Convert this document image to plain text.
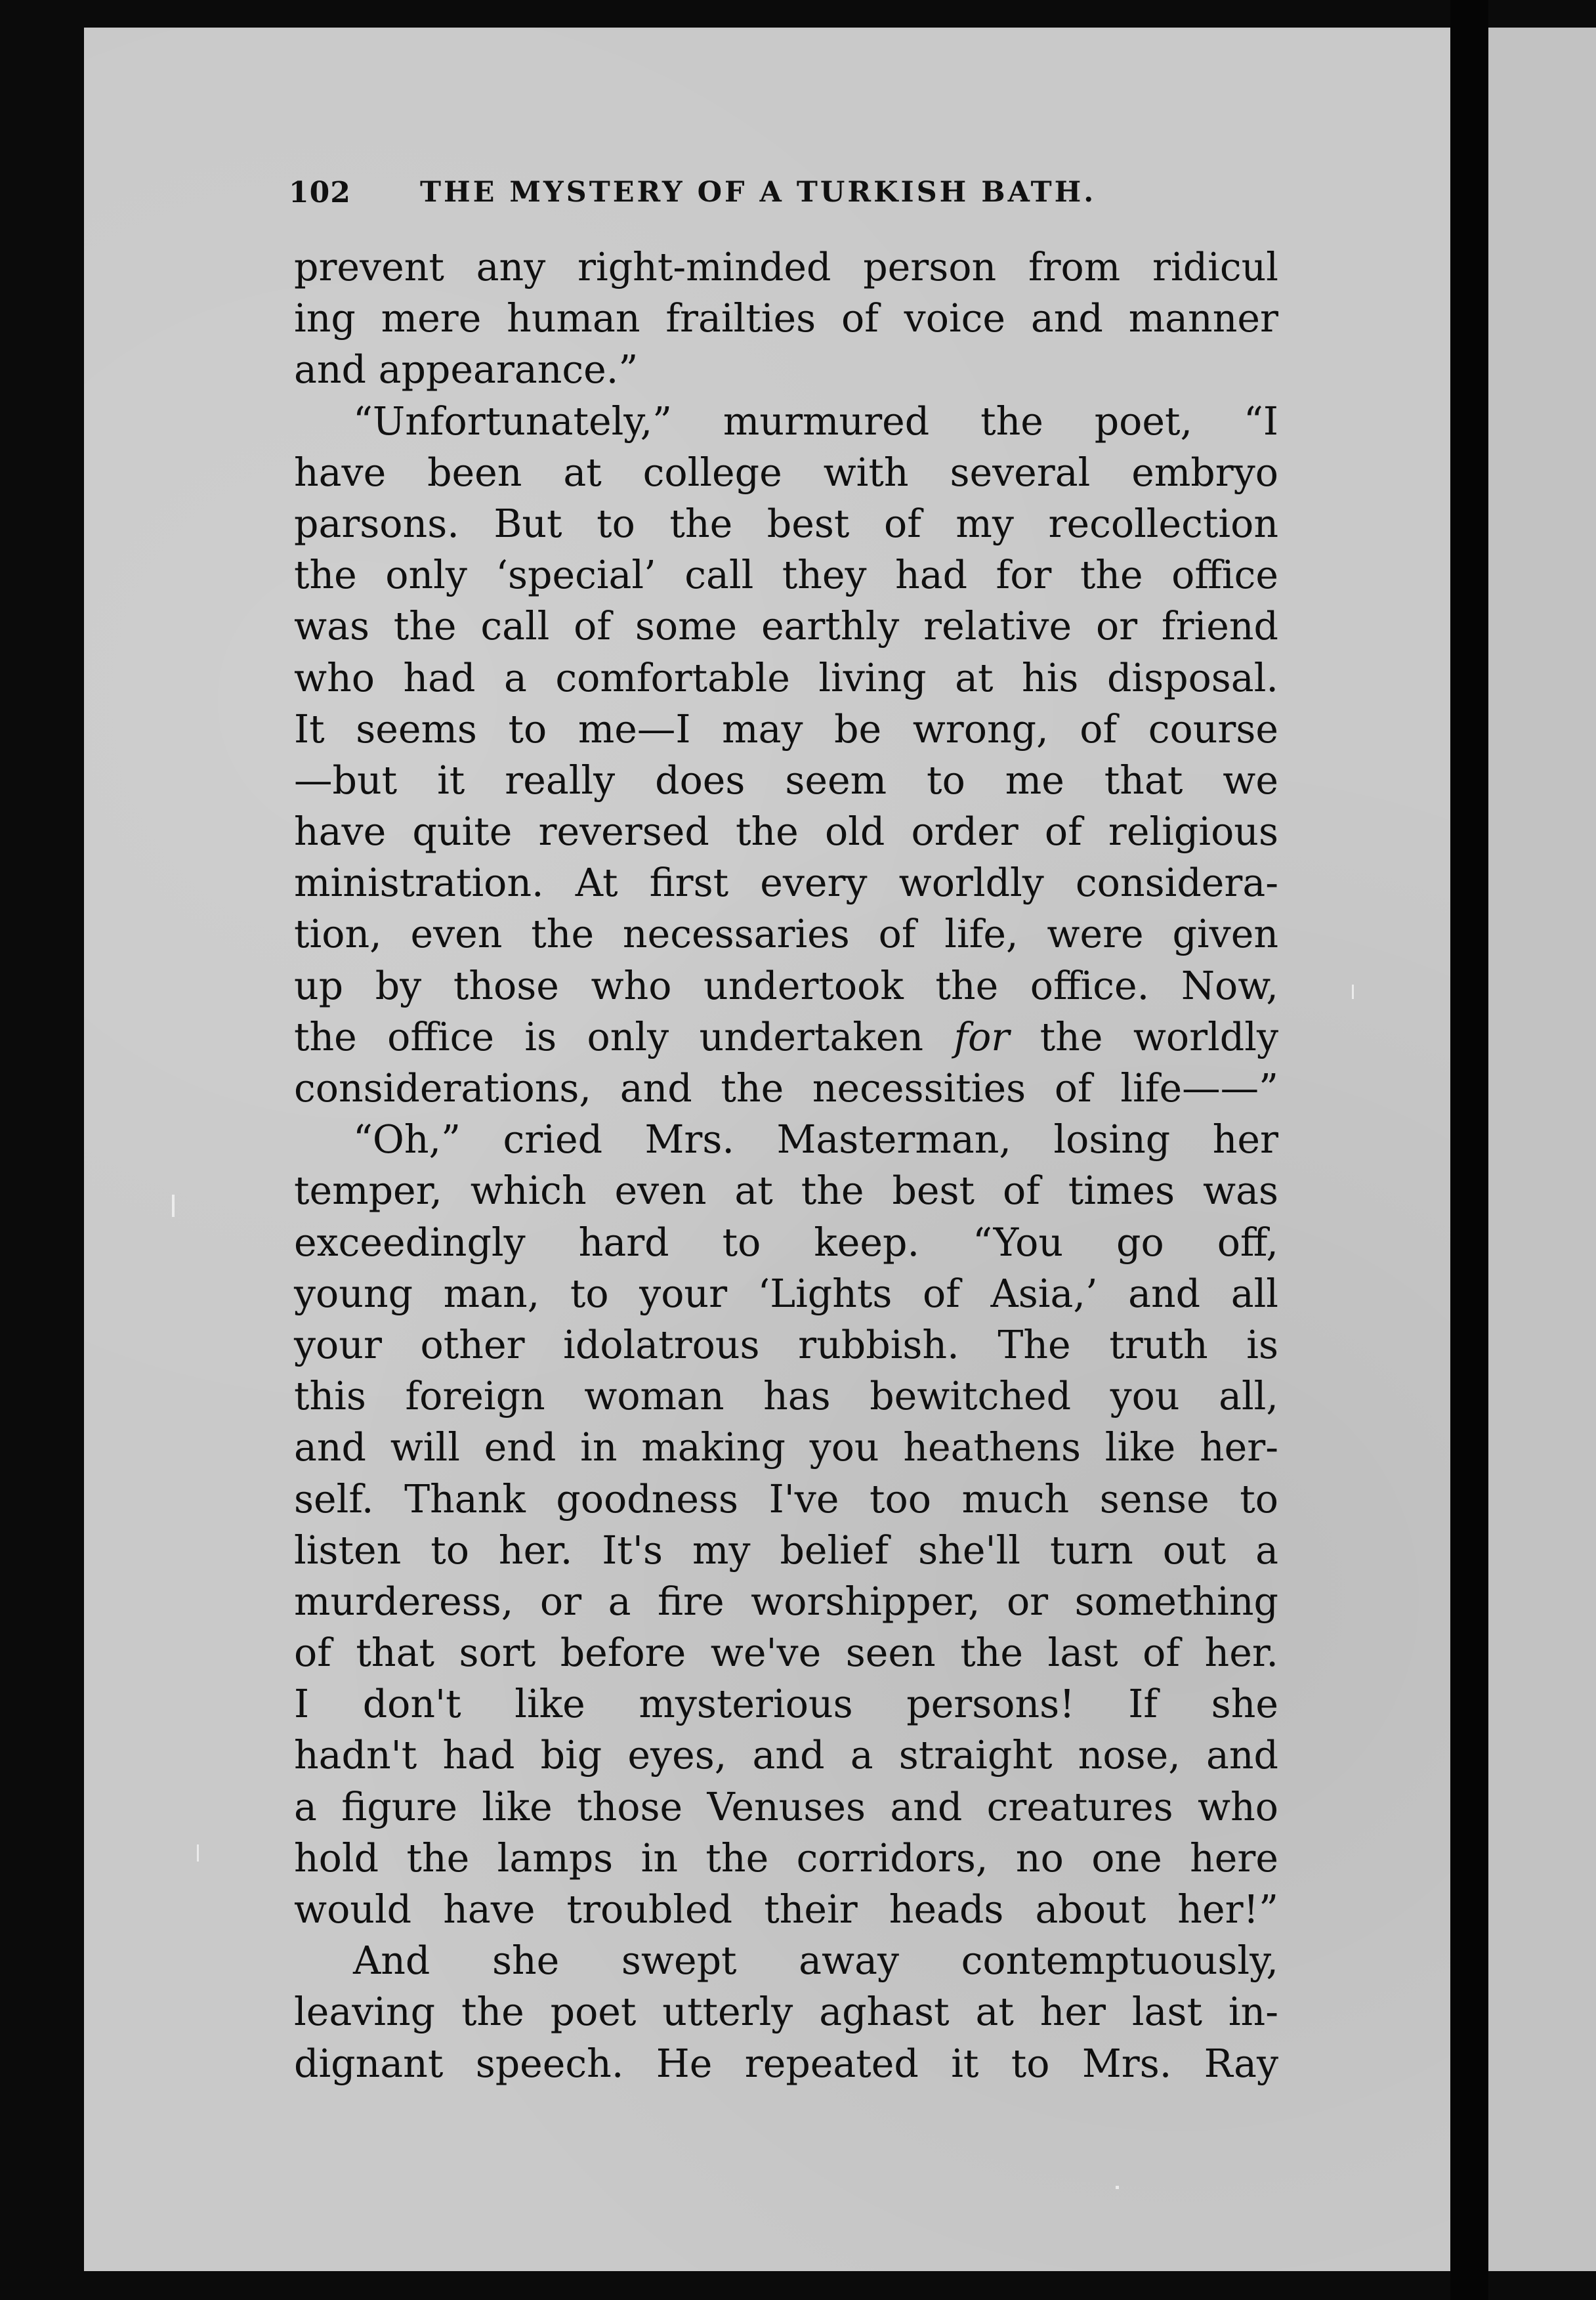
102 THE MYSTERY OF A TURKISH BATH.
prevent any right-minded person from ridicul
ing mere human frailties of voice and manner
and appearance.”
“Unfortunately,” murmured the poet, “I
have been at college with several embryo
parsons. But to the best of my recollection
the only ‘special’ call they had for the office
was the call of some earthly relative or friend
who had a comfortable living at his disposal.
It seems to me—I may be wrong, of course
—but it really does seem to me that we
have quite reversed the old order of religious
ministration. At first every worldly considera-
tion, even the necessaries of life, were given
up by those who undertook the office. Now,
the office is only undertaken for the worldly
considerations, and the necessities of life——”
“Oh,” cried Mrs. Masterman, losing her
temper, which even at the best of times was
exceedingly hard to keep. “You go off,
young man, to your ‘Lights of Asia,’ and all
your other idolatrous rubbish. The truth is
this foreign woman has bewitched you all,
and will end in making you heathens like her-
self. Thank goodness I've too much sense to
listen to her. It's my belief she'll turn out a
murderess, or a fire worshipper, or something
of that sort before we've seen the last of her.
I don't like mysterious persons! If she
hadn't had big eyes, and a straight nose, and
a figure like those Venuses and creatures who
hold the lamps in the corridors, no one here
would have troubled their heads about her!”
And she swept away contemptuously,
leaving the poet utterly aghast at her last in-
dignant speech. He repeated it to Mrs. Ray
